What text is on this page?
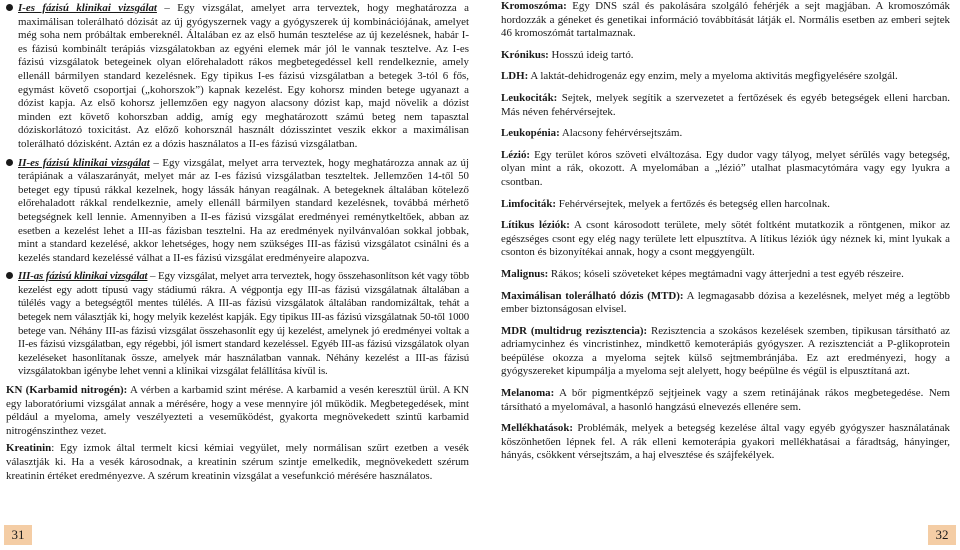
I-es fázisú klinikai vizsgálat – Egy vizsgálat, amelyet arra terveztek, hogy meghatározza a maximálisan tolerálható dózisát az új gyógyszernek vagy a gyógyszerek új kombinációjának, amelyet még soha nem próbáltak embereknél. Általában ez az első humán tesztelése az új kezelésnek, habár I-es fázisú kombinált terápiás vizsgálatokban az egyéni elemek már jól le vannak tesztelve. Az I-es fázisú vizsgálatok betegeinek olyan előrehaladott rákos megbetegedéssel kell rendelkeznie, amely ellenáll bármilyen standard kezelésnek. Egy tipikus I-es fázisú vizsgálatban a betegek 3-tól 6 fős, egymást követő csoportjai („kohorszok”) kapnak kezelést. Egy kohorsz minden betege ugyanazt a dózist kapja. Az első kohorsz jellemzően egy nagyon alacsony dózist kap, majd növelik a dózist minden ezt követő kohorszban addig, amíg egy meghatározott számú beteg nem tapasztal dóziskorlátozó toxicitást. Az előző kohorsznál használt dózisszintet veszik ekkor a maximálisan tolerálható dózisként. Aztán ez a dózis használatos a II-es fázisú vizsgálatban.
II-es fázisú klinikai vizsgálat – Egy vizsgálat, melyet arra terveztek, hogy meghatározza annak az új terápiának a válaszarányát, melyet már az I-es fázisú vizsgálatban teszteltek. Jellemzően 14-től 50 beteget egy típusú rákkal kezelnek, hogy lássák hányan reagálnak. A betegeknek általában kötelező előrehaladott rákkal rendelkeznie, amely ellenáll bármilyen standard kezelésnek, továbbá mérhető betegségnek kell lennie. Amennyiben a II-es fázisú vizsgálat eredményei reménytkeltőek, abban az esetben a kezelést lehet a III-as fázisban tesztelni. Ha az eredmények nyilvánvalóan sokkal jobbak, mint a standard kezelésé, akkor lehetséges, hogy nem szükséges III-as fázisú vizsgálatot csinálni és a kezelés standard kezeléssé válhat a II-es fázisú vizsgálat eredményeire alapozva.
III-as fázisú klinikai vizsgálat – Egy vizsgálat, melyet arra terveztek, hogy összehasonlítson két vagy több kezelést egy adott típusú vagy stádiumú rákra. A végpontja egy III-as fázisú vizsgálatnak általában a túlélés vagy a betegségtől mentes túlélés. A III-as fázisú vizsgálatok általában randomizáltak, tehát a betegek nem választják ki, hogy melyik kezelést kapják. Egy tipikus III-as fázisú vizsgálatnak 50-től 1000 betege van. Néhány III-as fázisú vizsgálat összehasonlít egy új kezelést, amelynek jó eredményei voltak a II-es fázisú vizsgálatban, egy régebbi, jól ismert standard kezeléssel. Egyéb III-as fázisú vizsgálatok olyan kezeléseket hasonlítanak össze, amelyek már használatban vannak. Néhány kezelést a III-as fázisú vizsgálatokban igénybe lehet venni a klinikai vizsgálat felállítása kívül is.

KN (Karbamid nitrogén): A vérben a karbamid szint mérése. A karbamid a vesén keresztül ürül. A KN egy laboratóriumi vizsgálat annak a mérésére, hogy a vese mennyire jól működik. Megbetegedések, mint például a myeloma, amely veszélyezteti a veseműködést, gyakorta megnövekedett szintű karbamid nitrogénszinthez vezet.

Kreatinin: Egy izmok által termelt kicsi kémiai vegyület, mely normálisan szűrt ezetben a vesék választják ki. Ha a vesék károsodnak, a kreatinin szérum szintje emelkedik, megnövekedett szérum kreatinin értéket eredményezve. A szérum kreatinin vizsgálat a vesefunkció mérésére használatos.

31

Kromoszóma: Egy DNS szál és pakolására szolgáló fehérjék a sejt magjában. A kromoszómák hordozzák a géneket és genetikai információ továbbítását látják el. Normális esetben az emberi sejtek 46 kromoszómát tartalmaznak.

Krónikus: Hosszú ideig tartó.

LDH: A laktát-dehidrogenáz egy enzim, mely a myeloma aktivitás megfigyelésére szolgál.

Leukociták: Sejtek, melyek segítik a szervezetet a fertőzések és egyéb betegségek elleni harcban. Más néven fehérvérsejtek.

Leukopénia: Alacsony fehérvérsejtszám.

Lézió: Egy terület kóros szöveti elváltozása. Egy dudor vagy tályog, melyet sérülés vagy betegség, olyan mint a rák, okozott. A myelomában a „lézió” utalhat plasmacytómára vagy egy lyukra a csontban.

Limfociták: Fehérvérsejtek, melyek a fertőzés és betegség ellen harcolnak.

Lítikus léziók: A csont károsodott területe, mely sötét foltként mutatkozik a röntgenen, mikor az egészséges csont egy elég nagy területe lett elpusztítva. A lítikus léziók úgy néznek ki, mint lyukak a csonton és bizonyítékai annak, hogy a csont meggyengült.

Malignus: Rákos; kóseli szöveteket képes megtámadni vagy átterjedni a test egyéb részeire.

Maximálisan tolerálható dózis (MTD): A legmagasabb dózisa a kezelésnek, melyet még a legtöbb ember biztonságosan elvisel.

MDR (multidrug rezisztencia): Rezisztencia a szokásos kezelések szemben, tipikusan társítható az adriamycinhez és vincristinhez, mindkettő kemoterápiás gyógyszer. A rezisztenciát a P-glikoprotein beépülése okozza a myeloma sejtek külső sejtmembránjába. Ez azt eredményezi, hogy a gyógyszereket kipumpálja a myeloma sejt alelyett, hogy beépülne és végül is elpusztítaná azt.

Melanoma: A bőr pigmentképző sejtjeinek vagy a szem retinájának rákos megbetegedése. Nem társítható a myelomával, a hasonló hangzású elnevezés ellenére sem.

Mellékhatások: Problémák, melyek a betegség kezelése által vagy egyéb gyógyszer használatának köszönhetően lépnek fel. A rák elleni kemoterápia gyakori mellékhatásai a fáradtság, hányinger, hányás, csökkent vérsejtszám, a haj elvesztése és szájfekélyek.

32
